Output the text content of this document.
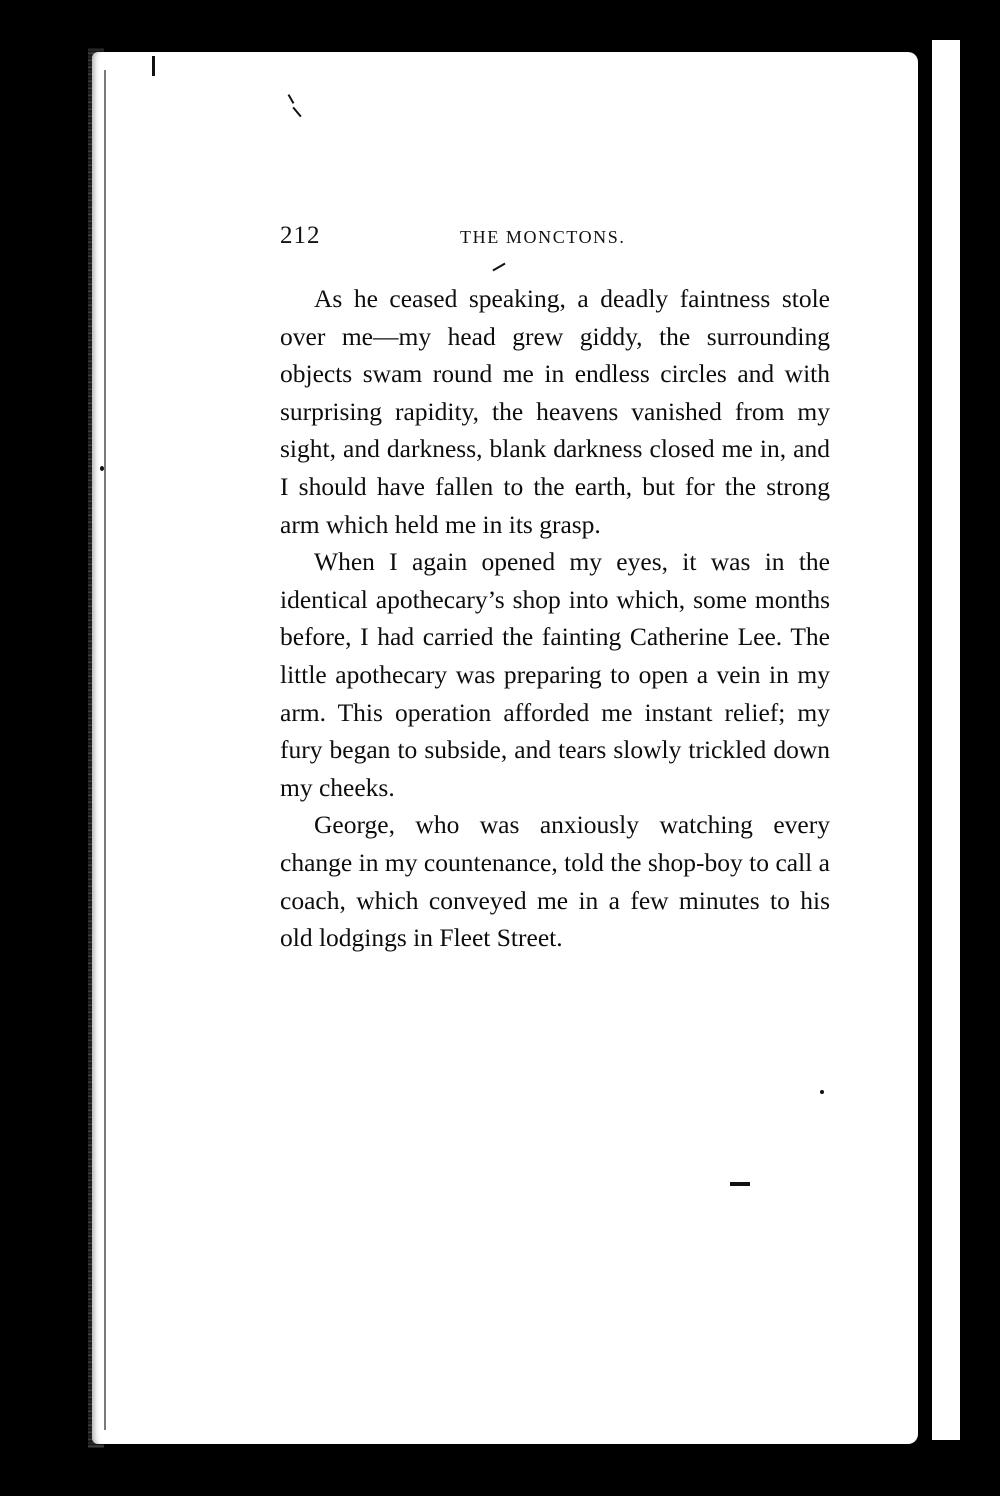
212	THE MONCTONS.

As he ceased speaking, a deadly faintness stole over me—my head grew giddy, the surrounding objects swam round me in endless circles and with surprising rapidity, the heavens vanished from my sight, and darkness, blank darkness closed me in, and I should have fallen to the earth, but for the strong arm which held me in its grasp.

When I again opened my eyes, it was in the identical apothecary’s shop into which, some months before, I had carried the fainting Catherine Lee. The little apothecary was preparing to open a vein in my arm. This operation afforded me instant relief; my fury began to subside, and tears slowly trickled down my cheeks.

George, who was anxiously watching every change in my countenance, told the shop-boy to call a coach, which conveyed me in a few minutes to his old lodgings in Fleet Street.
